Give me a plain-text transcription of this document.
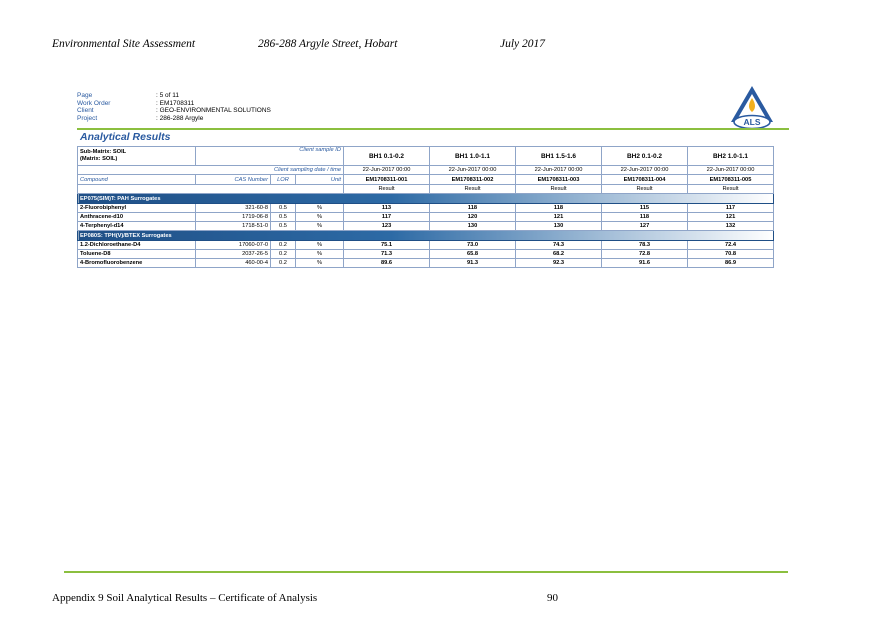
Environmental Site Assessment	286-288 Argyle Street, Hobart	July 2017
Page	: 5 of 11
Work Order	: EM1708311
Client	: GEO-ENVIRONMENTAL SOLUTIONS
Project	: 286-288 Argyle	ALS
Analytical Results
Sub-Matrix: SOIL
(Matrix: SOIL)	Client sample ID			BH1 0.1-0.2	BH1 1.0-1.1	BH1 1.5-1.6	BH2 0.1-0.2	BH2 1.0-1.1
Client sampling date / time				22-Jun-2017 00:00	22-Jun-2017 00:00	22-Jun-2017 00:00	22-Jun-2017 00:00	22-Jun-2017 00:00
Compound	CAS Number	LOR	Unit	EM1708311-001	EM1708311-002	EM1708311-003	EM1708311-004	EM1708311-005
				Result	Result	Result	Result	Result
EP075(SIM)T: PAH Surrogates								
2-Fluorobiphenyl	321-60-8	0.5	%	113	118	118	115	117
Anthracene-d10	1719-06-8	0.5	%	117	120	121	118	121
4-Terphenyl-d14	1718-51-0	0.5	%	123	130	130	127	132
EP080S: TPH(V)/BTEX Surrogates								
1.2-Dichloroethane-D4	17060-07-0	0.2	%	75.1	73.0	74.3	78.3	72.4
Toluene-D8	2037-26-5	0.2	%	71.3	65.8	68.2	72.8	70.8
4-Bromofluorobenzene	460-00-4	0.2	%	89.6	91.3	92.3	91.6	86.9
Appendix 9 Soil Analytical Results – Certificate of Analysis	90
